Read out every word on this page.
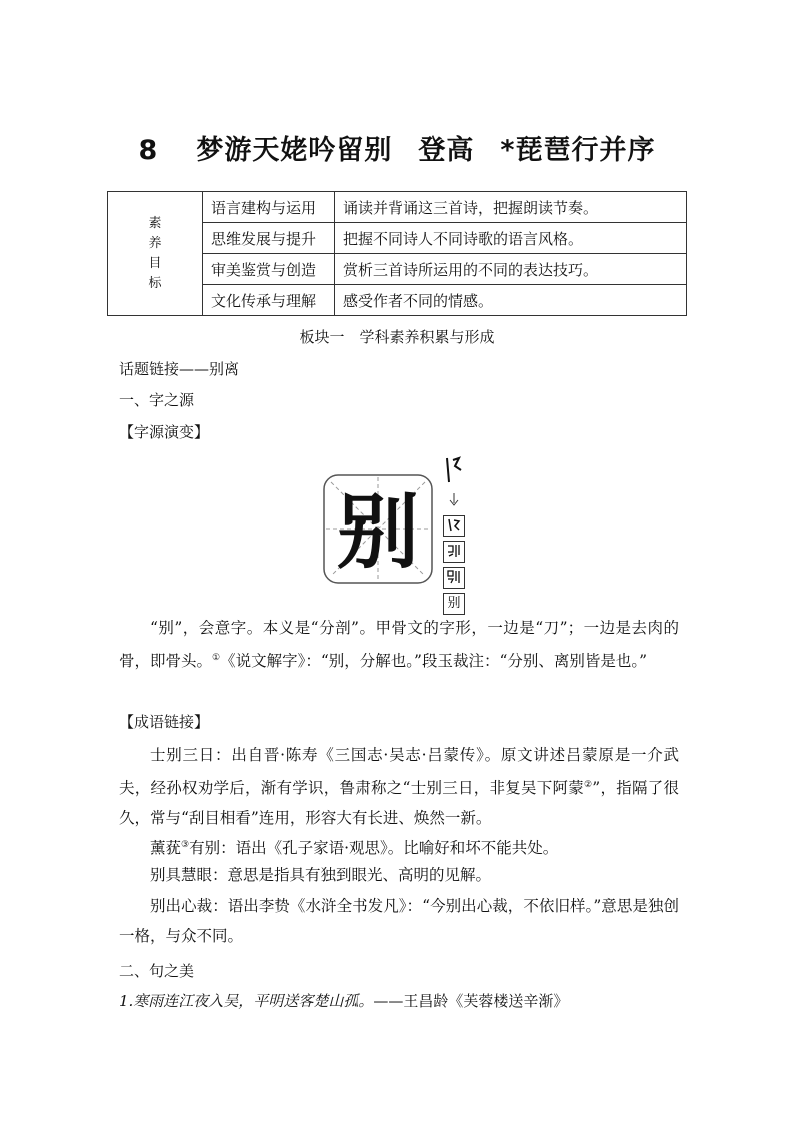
8 梦游天姥吟留别 登高 *琵琶行并序
素
养
目
标	语言建构与运用	诵读并背诵这三首诗，把握朗读节奏。
	思维发展与提升	把握不同诗人不同诗歌的语言风格。
	审美鉴赏与创造	赏析三首诗所运用的不同的表达技巧。
	文化传承与理解	感受作者不同的情感。
板块一　学科素养积累与形成
话题链接——别离
一、字之源
【字源演变】
别

别
“别”，会意字。本义是“分剖”。甲骨文的字形，一边是“刀”；一边是去肉的骨，即骨头。①《说文解字》：“别，分解也。”段玉裁注：“分别、离别皆是也。”
【成语链接】
士别三日：出自晋·陈寿《三国志·吴志·吕蒙传》。原文讲述吕蒙原是一介武夫，经孙权劝学后，渐有学识，鲁肃称之“士别三日，非复吴下阿蒙②”，指隔了很久，常与“刮目相看”连用，形容大有长进、焕然一新。
薰莸③有别：语出《孔子家语·观思》。比喻好和坏不能共处。
别具慧眼：意思是指具有独到眼光、高明的见解。
别出心裁：语出李贽《水浒全书发凡》：“今别出心裁，不依旧样。”意思是独创一格，与众不同。
二、句之美
1.寒雨连江夜入吴，平明送客楚山孤。——王昌龄《芙蓉楼送辛渐》
